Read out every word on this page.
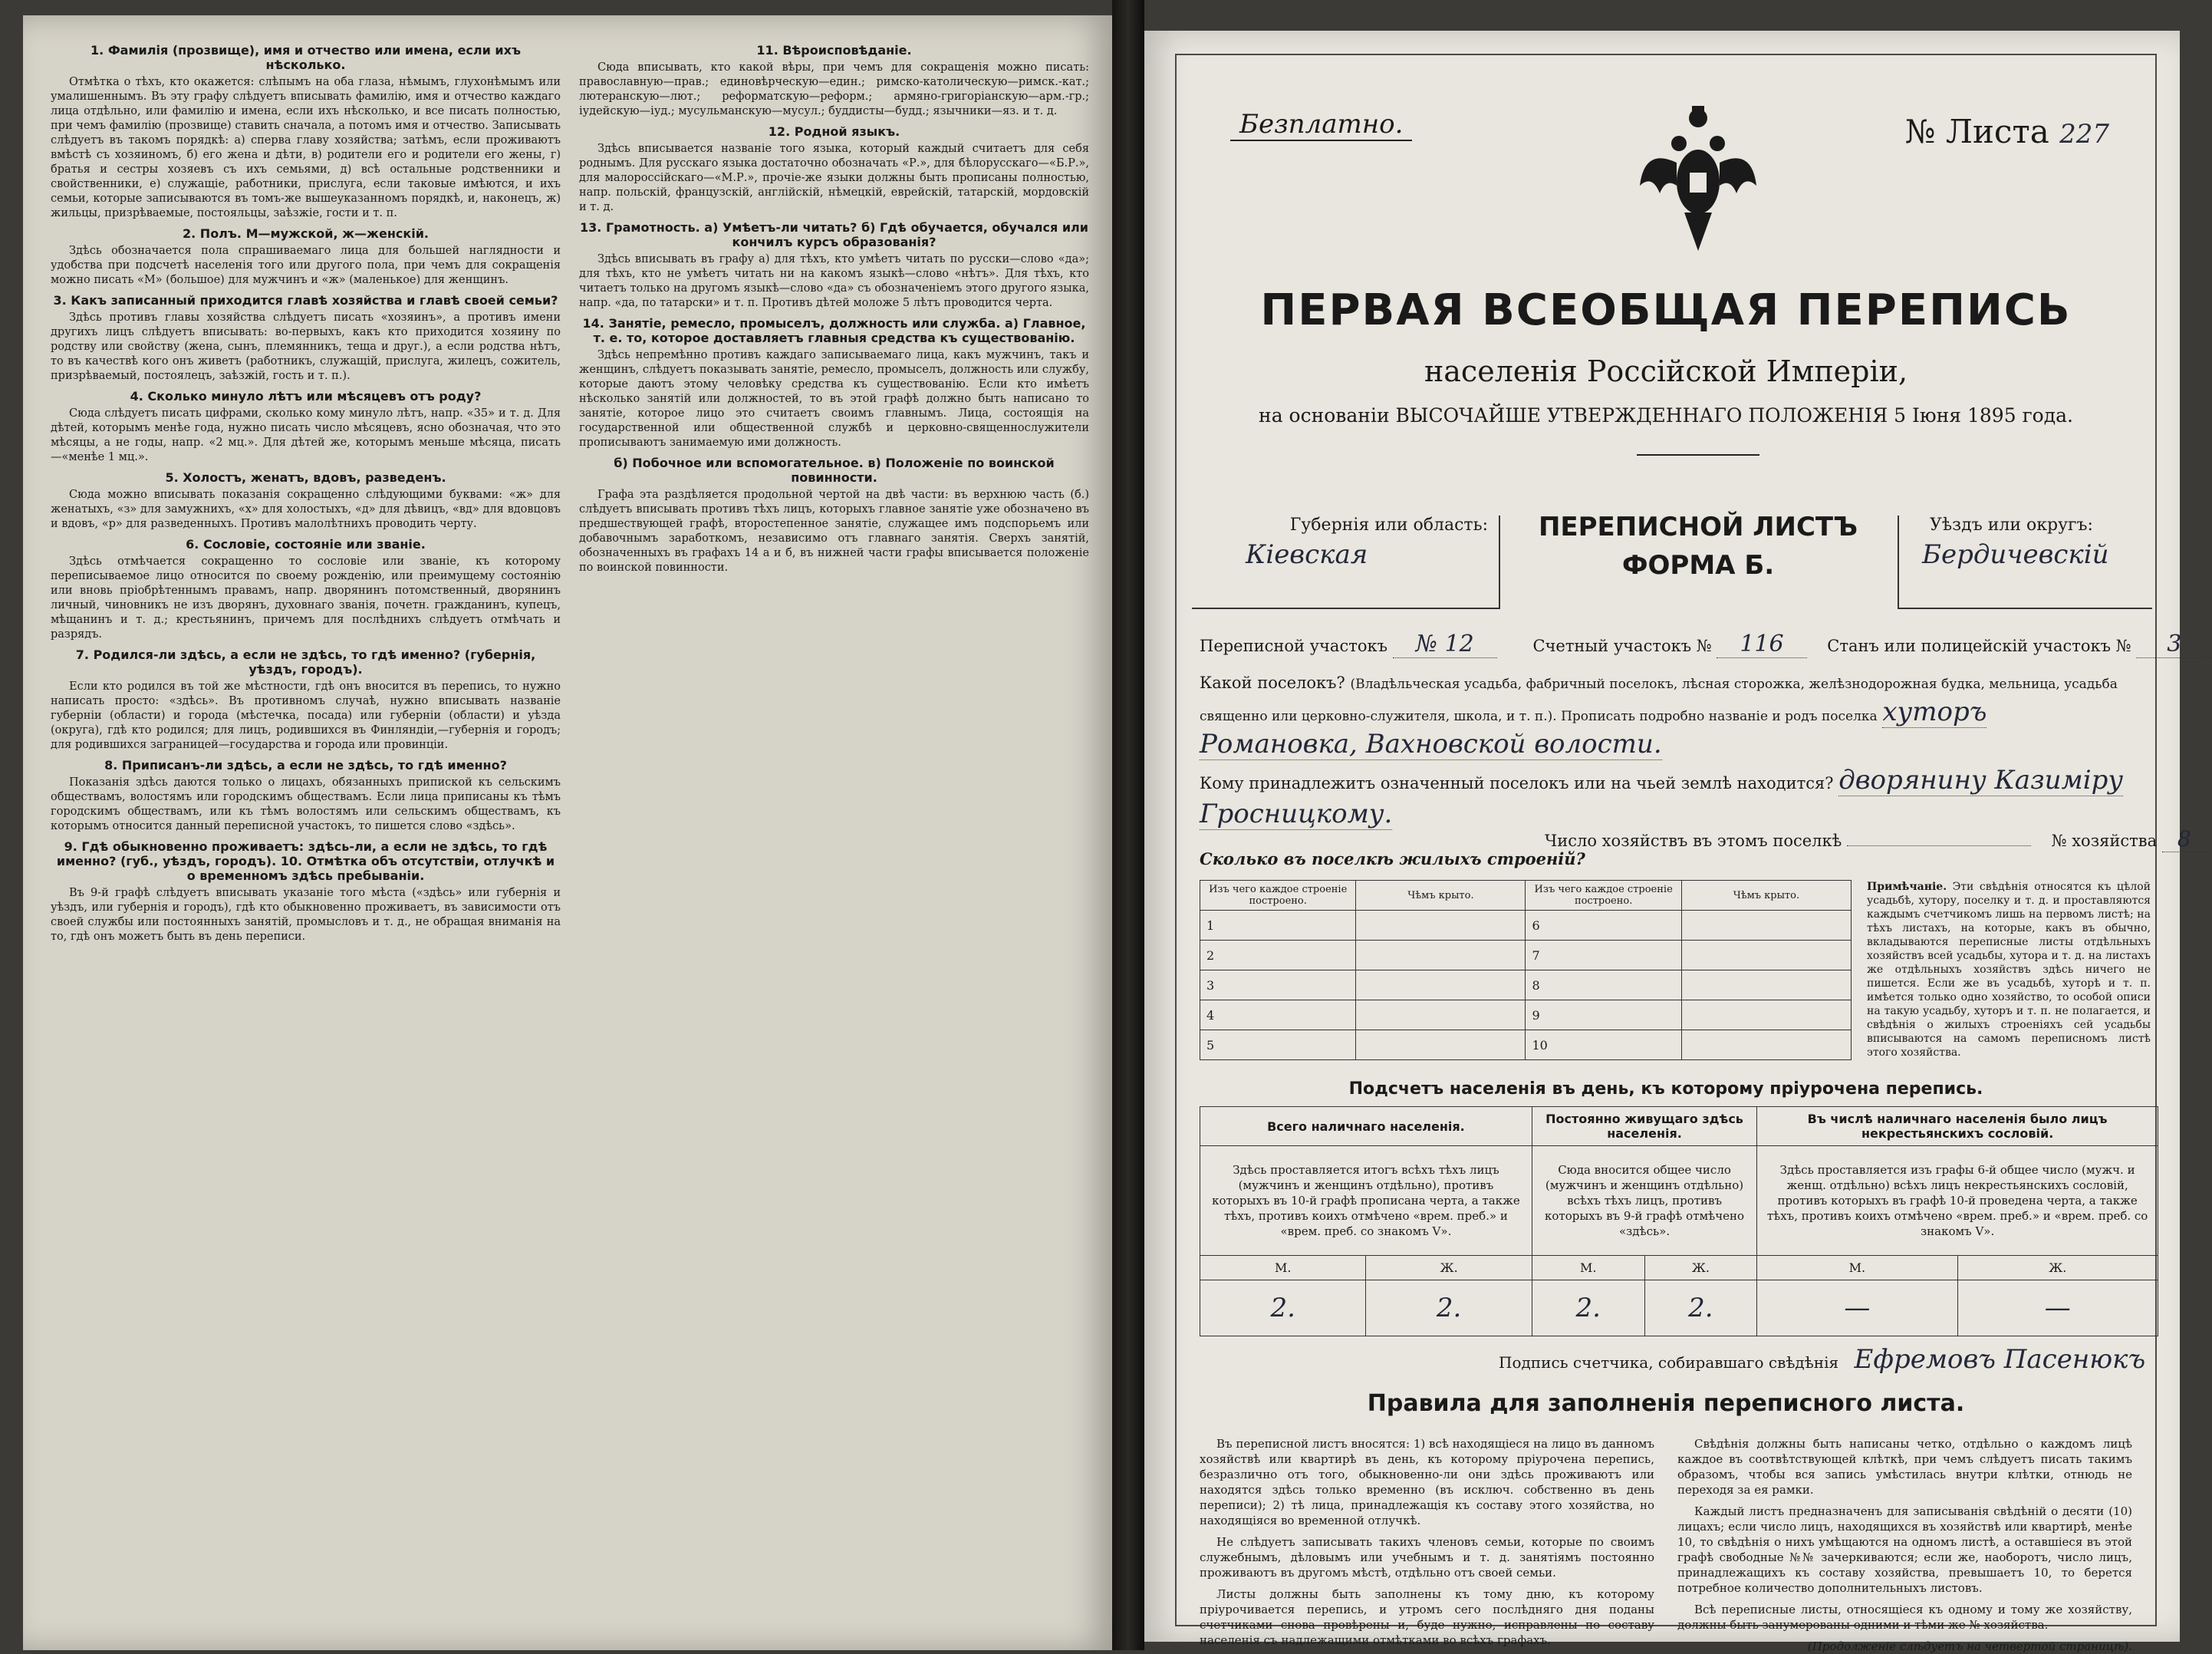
1. Фамилія (прозвище), имя и отчество или имена, если ихъ нѣсколько.

Отмѣтка о тѣхъ, кто окажется: слѣпымъ на оба глаза, нѣмымъ, глухонѣмымъ или умалишеннымъ. Въ эту графу слѣдуетъ вписывать фамилію, имя и отчество каждаго лица отдѣльно, или фамилію и имена, если ихъ нѣсколько, и все писать полностью, при чемъ фамилію (прозвище) ставить сначала, а потомъ имя и отчество. Записывать слѣдуетъ въ такомъ порядкѣ: а) сперва главу хозяйства; затѣмъ, если проживаютъ вмѣстѣ съ хозяиномъ, б) его жена и дѣти, в) родители его и родители его жены, г) братья и сестры хозяевъ съ ихъ семьями, д) всѣ остальные родственники и свойственники, е) служащіе, работники, прислуга, если таковые имѣются, и ихъ семьи, которые записываются въ томъ-же вышеуказанномъ порядкѣ, и, наконецъ, ж) жильцы, призрѣваемые, постояльцы, заѣзжіе, гости и т. п.

2. Полъ. М—мужской, ж—женскій.

Здѣсь обозначается пола спрашиваемаго лица для большей наглядности и удобства при подсчетѣ населенія того или другого пола, при чемъ для сокращенія можно писать «М» (большое) для мужчинъ и «ж» (маленькое) для женщинъ.

3. Какъ записанный приходится главѣ хозяйства и главѣ своей семьи?

Здѣсь противъ главы хозяйства слѣдуетъ писать «хозяинъ», а противъ имени другихъ лицъ слѣдуетъ вписывать: во-первыхъ, какъ кто приходится хозяину по родству или свойству (жена, сынъ, племянникъ, теща и друг.), а если родства нѣтъ, то въ качествѣ кого онъ живетъ (работникъ, служащій, прислуга, жилецъ, сожитель, призрѣваемый, постоялецъ, заѣзжій, гость и т. п.).

4. Сколько минуло лѣтъ или мѣсяцевъ отъ роду?

Сюда слѣдуетъ писать цифрами, сколько кому минуло лѣтъ, напр. «35» и т. д. Для дѣтей, которымъ менѣе года, нужно писать число мѣсяцевъ, ясно обозначая, что это мѣсяцы, а не годы, напр. «2 мц.». Для дѣтей же, которымъ меньше мѣсяца, писать—«менѣе 1 мц.».

5. Холостъ, женатъ, вдовъ, разведенъ.

Сюда можно вписывать показанія сокращенно слѣдующими буквами: «ж» для женатыхъ, «з» для замужнихъ, «х» для холостыхъ, «д» для дѣвицъ, «вд» для вдовцовъ и вдовъ, «р» для разведенныхъ. Противъ малолѣтнихъ проводить черту.

6. Сословіе, состояніе или званіе.

Здѣсь отмѣчается сокращенно то сословіе или званіе, къ которому переписываемое лицо относится по своему рожденію, или преимущему состоянію или вновь пріобрѣтеннымъ правамъ, напр. дворянинъ потомственный, дворянинъ личный, чиновникъ не изъ дворянъ, духовнаго званія, почетн. гражданинъ, купецъ, мѣщанинъ и т. д.; крестьянинъ, причемъ для послѣднихъ слѣдуетъ отмѣчать и разрядъ.

7. Родился-ли здѣсь, а если не здѣсь, то гдѣ именно? (губернія, уѣздъ, городъ).

Если кто родился въ той же мѣстности, гдѣ онъ вносится въ перепись, то нужно написать просто: «здѣсь». Въ противномъ случаѣ, нужно вписывать названіе губерніи (области) и города (мѣстечка, посада) или губерніи (области) и уѣзда (округа), гдѣ кто родился; для лицъ, родившихся въ Финляндіи,—губернія и городъ; для родившихся заграницей—государства и города или провинціи.

8. Приписанъ-ли здѣсь, а если не здѣсь, то гдѣ именно?

Показанія здѣсь даются только о лицахъ, обязанныхъ припиской къ сельскимъ обществамъ, волостямъ или городскимъ обществамъ. Если лица приписаны къ тѣмъ городскимъ обществамъ, или къ тѣмъ волостямъ или сельскимъ обществамъ, къ которымъ относится данный переписной участокъ, то пишется слово «здѣсь».

9. Гдѣ обыкновенно проживаетъ: здѣсь-ли, а если не здѣсь, то гдѣ именно? (губ., уѣздъ, городъ). 10. Отмѣтка объ отсутствіи, отлучкѣ и о временномъ здѣсь пребываніи.

Въ 9-й графѣ слѣдуетъ вписывать указаніе того мѣста («здѣсь» или губернія и уѣздъ, или губернія и городъ), гдѣ кто обыкновенно проживаетъ, въ зависимости отъ своей службы или постоянныхъ занятій, промысловъ и т. д., не обращая вниманія на то, гдѣ онъ можетъ быть въ день переписи.

11. Вѣроисповѣданіе.

Сюда вписывать, кто какой вѣры, при чемъ для сокращенія можно писать: православную—прав.; единовѣрческую—един.; римско-католическую—римск.-кат.; лютеранскую—лют.; реформатскую—реформ.; армяно-григоріанскую—арм.-гр.; іудейскую—іуд.; мусульманскую—мусул.; буддисты—будд.; язычники—яз. и т. д.

12. Родной языкъ.

Здѣсь вписывается названіе того языка, который каждый считаетъ для себя роднымъ. Для русскаго языка достаточно обозначать «Р.», для бѣлорусскаго—«Б.Р.», для малороссійскаго—«М.Р.», прочіе-же языки должны быть прописаны полностью, напр. польскій, французскій, англійскій, нѣмецкій, еврейскій, татарскій, мордовскій и т. д.

13. Грамотность. а) Умѣетъ-ли читать? б) Гдѣ обучается, обучался или кончилъ курсъ образованія?

Здѣсь вписывать въ графу а) для тѣхъ, кто умѣетъ читать по русски—слово «да»; для тѣхъ, кто не умѣетъ читать ни на какомъ языкѣ—слово «нѣтъ». Для тѣхъ, кто читаетъ только на другомъ языкѣ—слово «да» съ обозначеніемъ этого другого языка, напр. «да, по татарски» и т. п. Противъ дѣтей моложе 5 лѣтъ проводится черта.

14. Занятіе, ремесло, промыселъ, должность или служба. а) Главное, т. е. то, которое доставляетъ главныя средства къ существованію.

Здѣсь непремѣнно противъ каждаго записываемаго лица, какъ мужчинъ, такъ и женщинъ, слѣдуетъ показывать занятіе, ремесло, промыселъ, должность или службу, которые даютъ этому человѣку средства къ существованію. Если кто имѣетъ нѣсколько занятій или должностей, то въ этой графѣ должно быть написано то занятіе, которое лицо это считаетъ своимъ главнымъ. Лица, состоящія на государственной или общественной службѣ и церковно-священнослужители прописываютъ занимаемую ими должность.

б) Побочное или вспомогательное. в) Положеніе по воинской повинности.

Графа эта раздѣляется продольной чертой на двѣ части: въ верхнюю часть (б.) слѣдуетъ вписывать противъ тѣхъ лицъ, которыхъ главное занятіе уже обозначено въ предшествующей графѣ, второстепенное занятіе, служащее имъ подспорьемъ или добавочнымъ заработкомъ, независимо отъ главнаго занятія. Сверхъ занятій, обозначенныхъ въ графахъ 14 а и б, въ нижней части графы вписывается положеніе по воинской повинности.

Безплатно.	№ Листа 227
ПЕРВАЯ ВСЕОБЩАЯ ПЕРЕПИСЬ
населенія Россійской Имперіи,
на основаніи ВЫСОЧАЙШЕ УТВЕРЖДЕННАГО ПОЛОЖЕНІЯ 5 Іюня 1895 года.
Губернія или область:
Кіевская
ПЕРЕПИСНОЙ ЛИСТЪ
ФОРМА Б.
Уѣздъ или округъ:
Бердичевскій
Переписной участокъ № 12	Счетный участокъ № 116	Станъ или полицейскій участокъ № 3
Какой поселокъ? (Владѣльческая усадьба, фабричный поселокъ, лѣсная сторожка, желѣзнодорожная будка, мельница, усадьба священно или церковно-служителя, школа, и т. п.). Прописать подробно названіе и родъ поселка хуторъ Романовка, Вахновской волости.
Кому принадлежитъ означенный поселокъ или на чьей землѣ находится? дворянину Казиміру Гросницкому.
Число хозяйствъ въ этомъ поселкѣ	№ хозяйства 8
Сколько въ поселкѣ жилыхъ строеній?
Изъ чего каждое строеніе построено.	Чѣмъ крыто.	Изъ чего каждое строеніе построено.	Чѣмъ крыто.
1		6	
2		7	
3		8	
4		9	
5		10	
Примѣчаніе. Эти свѣдѣнія относятся къ цѣлой усадьбѣ, хутору, поселку и т. д. и проставляются каждымъ счетчикомъ лишь на первомъ листѣ; на тѣхъ листахъ, на которые, какъ въ обычно, вкладываются переписные листы отдѣльныхъ хозяйствъ всей усадьбы, хутора и т. д. на листахъ же отдѣльныхъ хозяйствъ здѣсь ничего не пишется. Если же въ усадьбѣ, хуторѣ и т. п. имѣется только одно хозяйство, то особой описи на такую усадьбу, хуторъ и т. п. не полагается, и свѣдѣнія о жилыхъ строеніяхъ сей усадьбы вписываются на самомъ переписномъ листѣ этого хозяйства.
Подсчетъ населенія въ день, къ которому пріурочена перепись.
Всего наличнаго населенія.		Постоянно живущаго здѣсь населенія.		Въ числѣ наличнаго населенія было лицъ некрестьянскихъ сословій.	
Здѣсь проставляется итогъ всѣхъ тѣхъ лицъ (мужчинъ и женщинъ отдѣльно), противъ которыхъ въ 10-й графѣ прописана черта, а также тѣхъ, противъ коихъ отмѣчено «врем. преб.» и «врем. преб. со знакомъ V».		Сюда вносится общее число (мужчинъ и женщинъ отдѣльно) всѣхъ тѣхъ лицъ, противъ которыхъ въ 9-й графѣ отмѣчено «здѣсь».		Здѣсь проставляется изъ графы 6-й общее число (мужч. и женщ. отдѣльно) всѣхъ лицъ некрестьянскихъ сословій, противъ которыхъ въ графѣ 10-й проведена черта, а также тѣхъ, противъ коихъ отмѣчено «врем. преб.» и «врем. преб. со знакомъ V».	
М.	Ж.	М.	Ж.	М.	Ж.
2.	2.	2.	2.	—	—
Подпись счетчика, собиравшаго свѣдѣнія Ефремовъ Пасенюкъ
Правила для заполненія переписного листа.

Въ переписной листъ вносятся: 1) всѣ находящіеся на лицо въ данномъ хозяйствѣ или квартирѣ въ день, къ которому пріурочена перепись, безразлично отъ того, обыкновенно-ли они здѣсь проживаютъ или находятся здѣсь только временно (въ исключ. собственно въ день переписи); 2) тѣ лица, принадлежащія къ составу этого хозяйства, но находящіяся во временной отлучкѣ.

Не слѣдуетъ записывать такихъ членовъ семьи, которые по своимъ служебнымъ, дѣловымъ или учебнымъ и т. д. занятіямъ постоянно проживаютъ въ другомъ мѣстѣ, отдѣльно отъ своей семьи.

Листы должны быть заполнены къ тому дню, къ которому пріурочивается перепись, и утромъ сего послѣдняго дня поданы счетчиками снова провѣрены и, буде нужно, исправлены по составу населенія съ надлежащими отмѣтками во всѣхъ графахъ.

Свѣдѣнія должны быть написаны четко, отдѣльно о каждомъ лицѣ каждое въ соотвѣтствующей клѣткѣ, при чемъ слѣдуетъ писать такимъ образомъ, чтобы вся запись умѣстилась внутри клѣтки, отнюдь не переходя за ея рамки.

Каждый листъ предназначенъ для записыванія свѣдѣній о десяти (10) лицахъ; если число лицъ, находящихся въ хозяйствѣ или квартирѣ, менѣе 10, то свѣдѣнія о нихъ умѣщаются на одномъ листѣ, а оставшіеся въ этой графѣ свободные №№ зачеркиваются; если же, наоборотъ, число лицъ, принадлежащихъ къ составу хозяйства, превышаетъ 10, то берется потребное количество дополнительныхъ листовъ.

Всѣ переписные листы, относящіеся къ одному и тому же хозяйству, должны быть занумерованы одними и тѣми же № хозяйства.

(Продолженіе слѣдуетъ на четвертой страницѣ).
